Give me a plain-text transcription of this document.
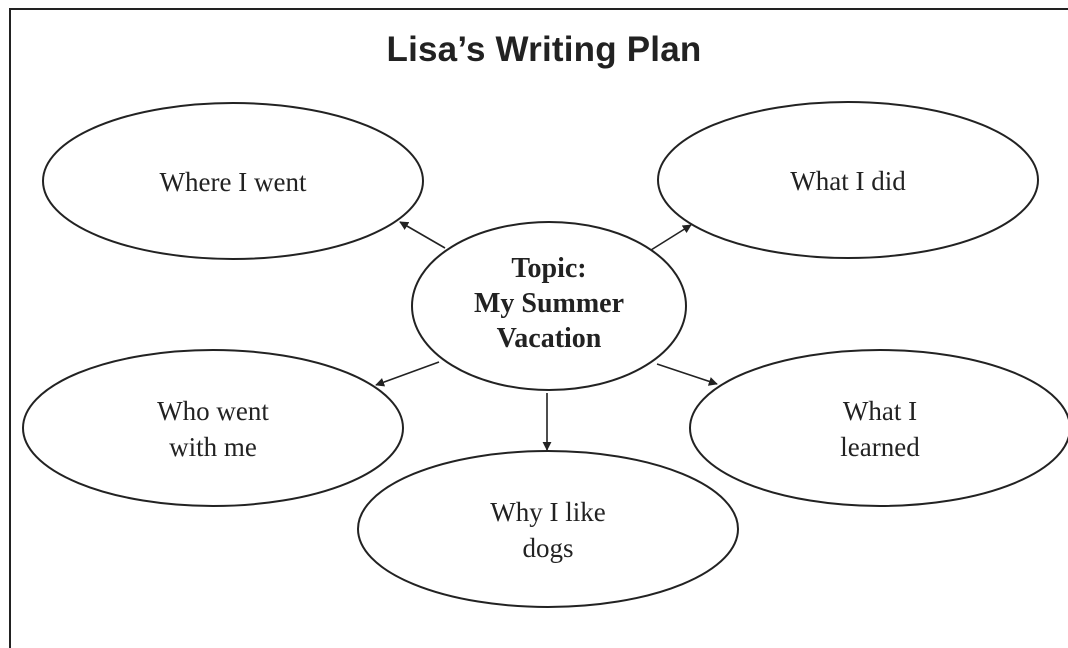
Lisa’s Writing Plan
Where I went	What I did
Who went
with me
What I
learned
Why I like
dogs
Topic:
My Summer
Vacation
